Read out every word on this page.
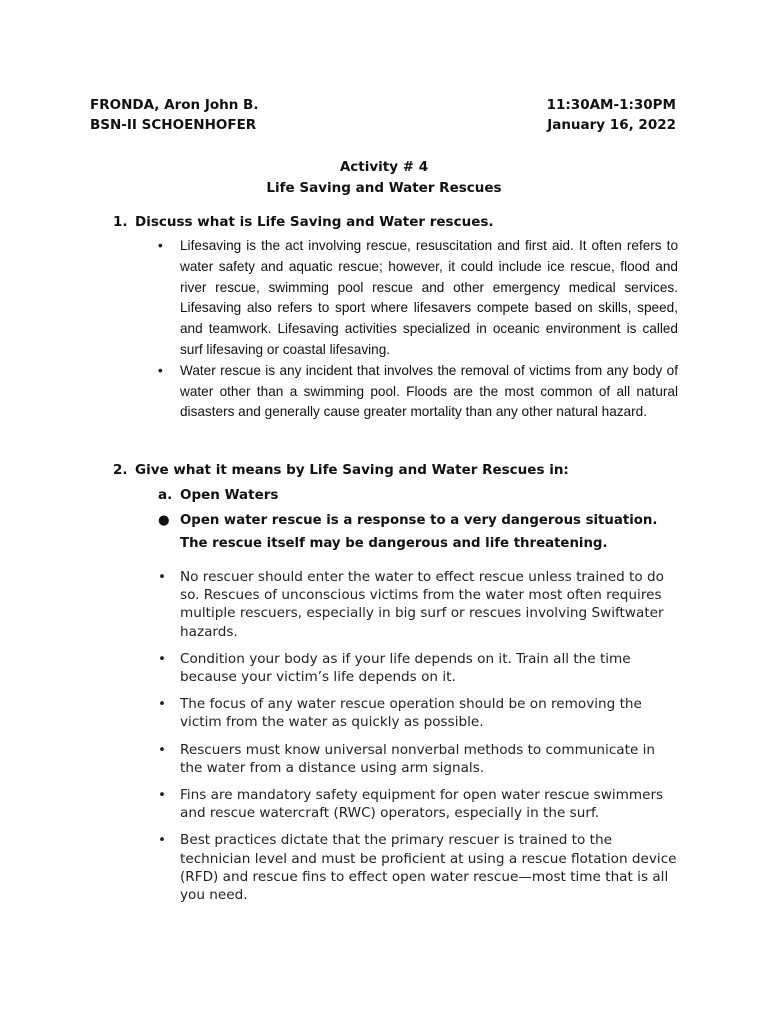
FRONDA, Aron John B.
BSN-II SCHOENHOFER
11:30AM-1:30PM
January 16, 2022
Activity # 4
Life Saving and Water Rescues
1. Discuss what is Life Saving and Water rescues.
• Lifesaving is the act involving rescue, resuscitation and first aid. It often refers to water safety and aquatic rescue; however, it could include ice rescue, flood and river rescue, swimming pool rescue and other emergency medical services. Lifesaving also refers to sport where lifesavers compete based on skills, speed, and teamwork. Lifesaving activities specialized in oceanic environment is called surf lifesaving or coastal lifesaving.
• Water rescue is any incident that involves the removal of victims from any body of water other than a swimming pool. Floods are the most common of all natural disasters and generally cause greater mortality than any other natural hazard.
2. Give what it means by Life Saving and Water Rescues in:
a. Open Waters
● Open water rescue is a response to a very dangerous situation. The rescue itself may be dangerous and life threatening.
• No rescuer should enter the water to effect rescue unless trained to do so. Rescues of unconscious victims from the water most often requires multiple rescuers, especially in big surf or rescues involving Swiftwater hazards.
• Condition your body as if your life depends on it. Train all the time because your victim’s life depends on it.
• The focus of any water rescue operation should be on removing the victim from the water as quickly as possible.
• Rescuers must know universal nonverbal methods to communicate in the water from a distance using arm signals.
• Fins are mandatory safety equipment for open water rescue swimmers and rescue watercraft (RWC) operators, especially in the surf.
• Best practices dictate that the primary rescuer is trained to the technician level and must be proficient at using a rescue flotation device (RFD) and rescue fins to effect open water rescue—most time that is all you need.
